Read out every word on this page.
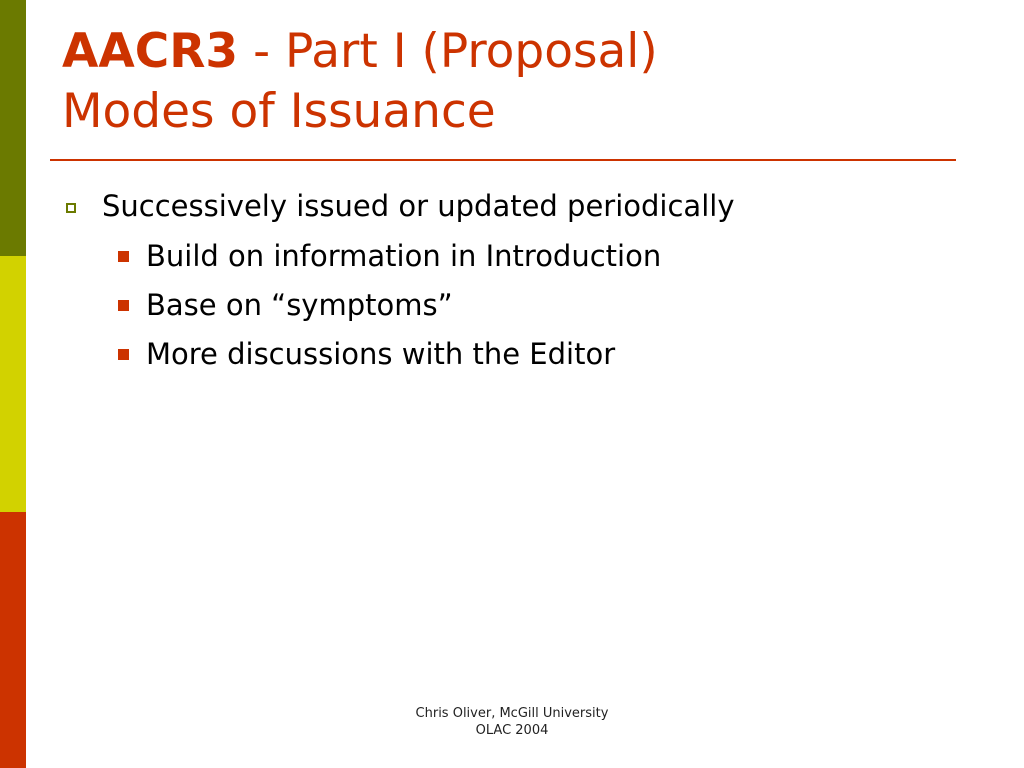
AACR3 - Part I (Proposal)
Modes of Issuance
Successively issued or updated periodically
Build on information in Introduction
Base on “symptoms”
More discussions with the Editor
Chris Oliver, McGill University
OLAC 2004
